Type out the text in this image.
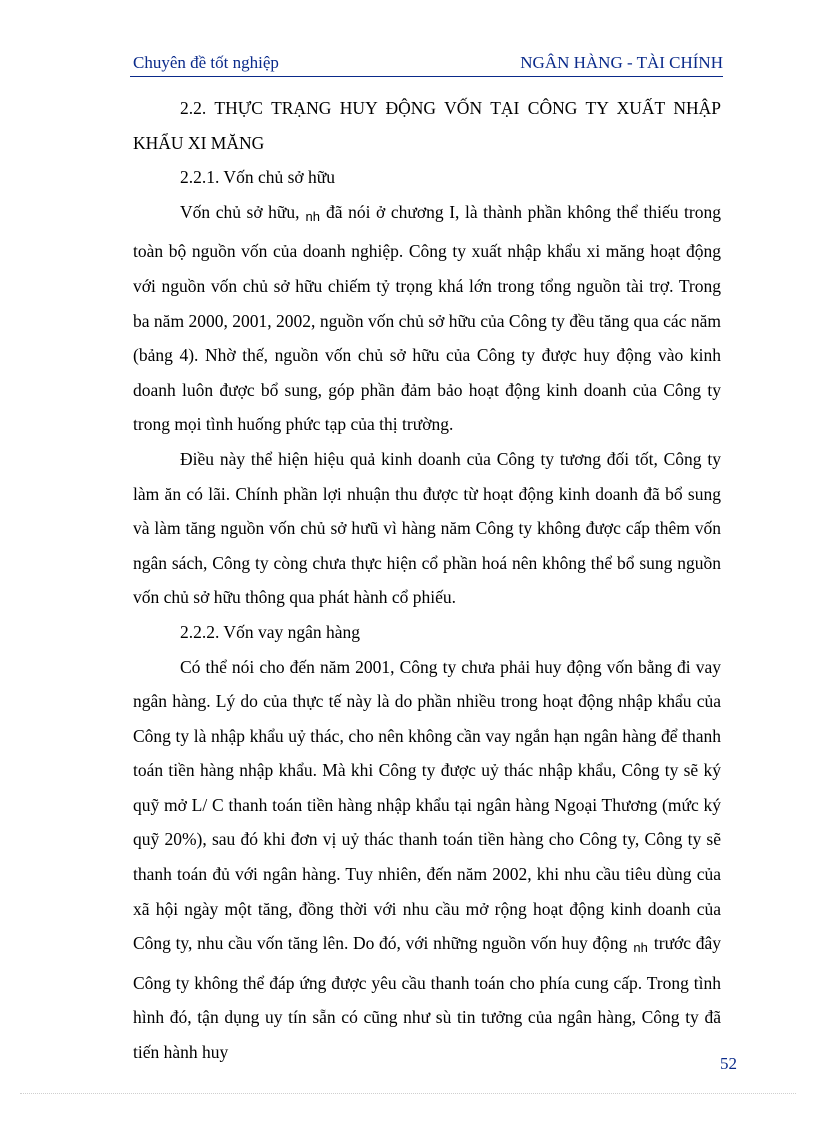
Chuyên đề tốt nghiệp	NGÂN HÀNG - TÀI CHÍNH

2.2. THỰC TRẠNG HUY ĐỘNG VỐN TẠI CÔNG TY XUẤT NHẬP KHẨU XI MĂNG

2.2.1. Vốn chủ sở hữu

Vốn chủ sở hữu, nh đã nói ở chương I, là thành phần không thể thiếu trong toàn bộ nguồn vốn của doanh nghiệp. Công ty xuất nhập khẩu xi măng hoạt động với nguồn vốn chủ sở hữu chiếm tỷ trọng khá lớn trong tổng nguồn tài trợ. Trong ba năm 2000, 2001, 2002, nguồn vốn chủ sở hữu của Công ty đều tăng qua các năm (bảng 4). Nhờ thế, nguồn vốn chủ sở hữu của Công ty được huy động vào kinh doanh luôn được bổ sung, góp phần đảm bảo hoạt động kinh doanh của Công ty trong mọi tình huống phức tạp của thị trường.

Điều này thể hiện hiệu quả kinh doanh của Công ty tương đối tốt, Công ty làm ăn có lãi. Chính phần lợi nhuận thu được từ hoạt động kinh doanh đã bổ sung và làm tăng nguồn vốn chủ sở hưũ vì hàng năm Công ty không được cấp thêm vốn ngân sách, Công ty còng chưa thực hiện cổ phần hoá nên không thể bổ sung nguồn vốn chủ sở hữu thông qua phát hành cổ phiếu.

2.2.2. Vốn vay ngân hàng

Có thể nói cho đến năm 2001, Công ty chưa phải huy động vốn bằng đi vay ngân hàng. Lý do của thực tế này là do phần nhiều trong hoạt động nhập khẩu của Công ty là nhập khẩu uỷ thác, cho nên không cần vay ngắn hạn ngân hàng để thanh toán tiền hàng nhập khẩu. Mà khi Công ty được uỷ thác nhập khẩu, Công ty sẽ ký quỹ mở L/ C thanh toán tiền hàng nhập khẩu tại ngân hàng Ngoại Thương (mức ký quỹ 20%), sau đó khi đơn vị uỷ thác thanh toán tiền hàng cho Công ty, Công ty sẽ thanh toán đủ với ngân hàng. Tuy nhiên, đến năm 2002, khi nhu cầu tiêu dùng của xã hội ngày một tăng, đồng thời với nhu cầu mở rộng hoạt động kinh doanh của Công ty, nhu cầu vốn tăng lên. Do đó, với những nguồn vốn huy động nh trước đây Công ty không thể đáp ứng được yêu cầu thanh toán cho phía cung cấp. Trong tình hình đó, tận dụng uy tín sẵn có cũng như sù tin tưởng của ngân hàng, Công ty đã tiến hành huy

52
